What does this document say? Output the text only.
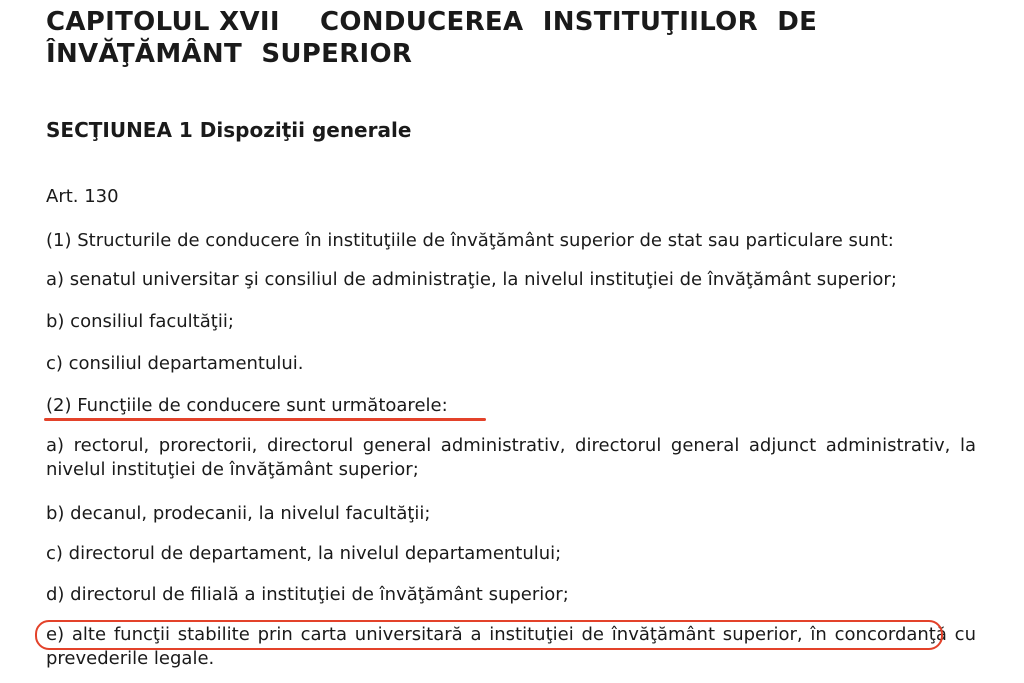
CAPITOLUL XVII CONDUCEREA INSTITUŢIILOR DE ÎNVĂŢĂMÂNT SUPERIOR
SECŢIUNEA 1 Dispoziţii generale
Art. 130
(1) Structurile de conducere în instituţiile de învăţământ superior de stat sau particulare sunt:
a) senatul universitar şi consiliul de administraţie, la nivelul instituţiei de învăţământ superior;
b) consiliul facultăţii;
c) consiliul departamentului.
(2) Funcţiile de conducere sunt următoarele:
a) rectorul, prorectorii, directorul general administrativ, directorul general adjunct administrativ, la nivelul instituţiei de învăţământ superior;
b) decanul, prodecanii, la nivelul facultăţii;
c) directorul de departament, la nivelul departamentului;
d) directorul de filială a instituţiei de învăţământ superior;
e) alte funcţii stabilite prin carta universitară a instituţiei de învăţământ superior, în concordanţă cu prevederile legale.
